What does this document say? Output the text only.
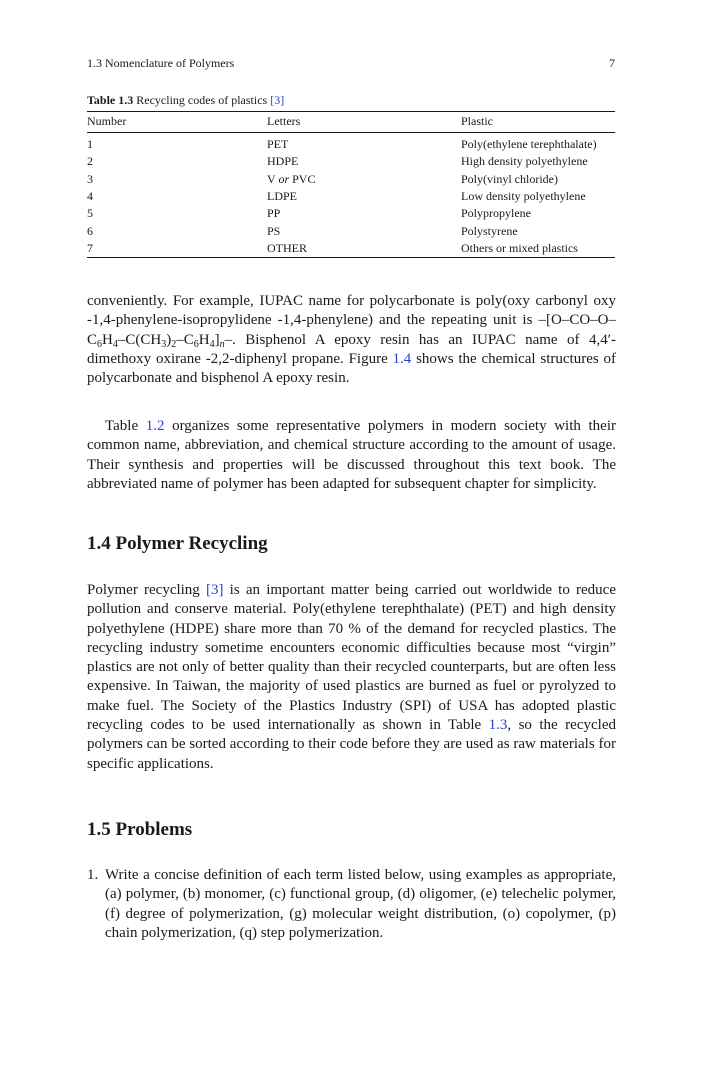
1.3 Nomenclature of Polymers	7
Table 1.3 Recycling codes of plastics [3]
Number	Letters	Plastic
1	PET	Poly(ethylene terephthalate)
2	HDPE	High density polyethylene
3	V or PVC	Poly(vinyl chloride)
4	LDPE	Low density polyethylene
5	PP	Polypropylene
6	PS	Polystyrene
7	OTHER	Others or mixed plastics

conveniently. For example, IUPAC name for polycarbonate is poly(oxy carbonyl oxy -1,4-phenylene-isopropylidene -1,4-phenylene) and the repeating unit is $-[O-CO-O-C_6H_4-C(CH_3)_2-C_6H_4]_n-$. Bisphenol A epoxy resin has an IUPAC name of 4,4′-dimethoxy oxirane -2,2-diphenyl propane. Figure 1.4 shows the chemical structures of polycarbonate and bisphenol A epoxy resin.

Table 1.2 organizes some representative polymers in modern society with their common name, abbreviation, and chemical structure according to the amount of usage. Their synthesis and properties will be discussed throughout this text book. The abbreviated name of polymer has been adapted for subsequent chapter for simplicity.

1.4 Polymer Recycling

Polymer recycling [3] is an important matter being carried out worldwide to reduce pollution and conserve material. Poly(ethylene terephthalate) (PET) and high density polyethylene (HDPE) share more than 70 % of the demand for recycled plastics. The recycling industry sometime encounters economic difficulties because most “virgin” plastics are not only of better quality than their recycled counterparts, but are often less expensive. In Taiwan, the majority of used plastics are burned as fuel or pyrolyzed to make fuel. The Society of the Plastics Industry (SPI) of USA has adopted plastic recycling codes to be used internationally as shown in Table 1.3, so the recycled polymers can be sorted according to their code before they are used as raw materials for specific applications.

1.5 Problems
1. Write a concise definition of each term listed below, using examples as appropriate, (a) polymer, (b) monomer, (c) functional group, (d) oligomer, (e) telechelic polymer, (f) degree of polymerization, (g) molecular weight distribution, (o) copolymer, (p) chain polymerization, (q) step polymerization.
